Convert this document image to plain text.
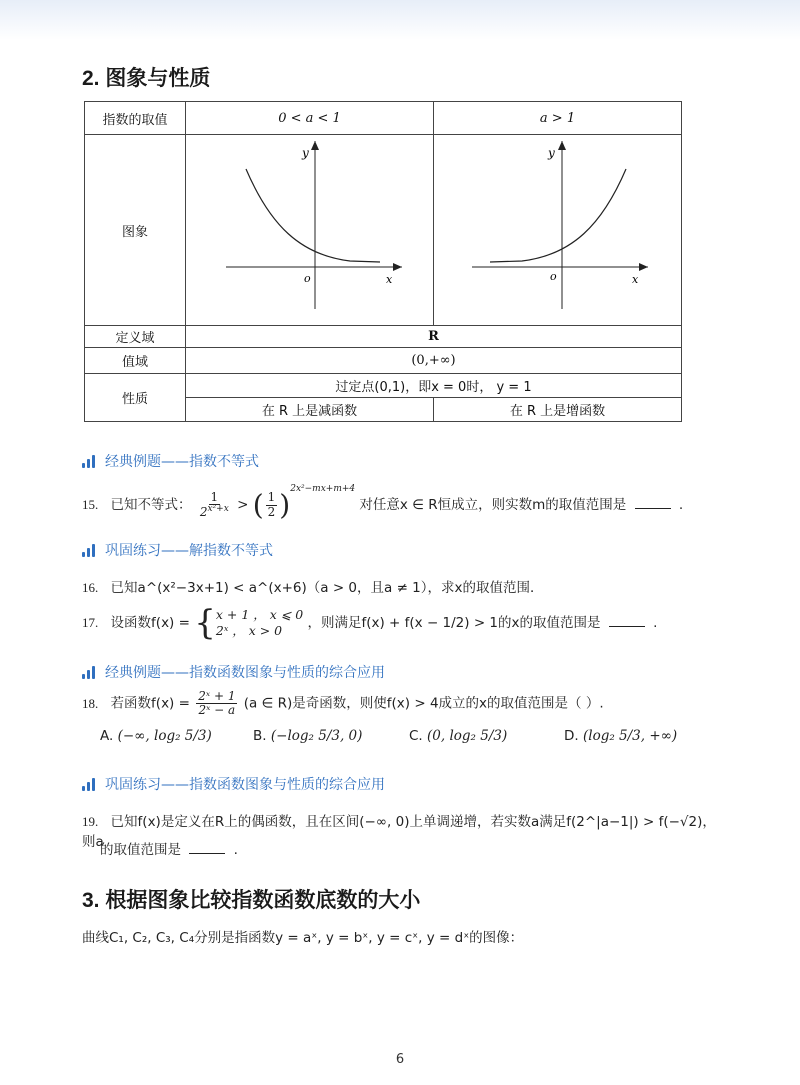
2. 图象与性质
指数的取值	0 < a < 1	a > 1
图象	y
o x	y
o x

定义域	R	
值域	(0,+∞)	
性质	过定点(0,1)，即x = 0时， y = 1	
	在 R 上是减函数	在 R 上是增函数
经典例题——指数不等式
15. 已知不等式： $\frac{1}{2^{x^2+x}}$ > ( $\frac{1}{2} )^{2x^2-mx+m+4}$ 对任意x ∈ R恒成立，则实数m的取值范围是	.
巩固练习——解指数不等式
16. 已知a^(x²−3x+1) < a^(x+6)（a > 0，且a ≠ 1），求x的取值范围．
17. 设函数f(x) = { x + 1 ， x ⩽ 0
2ˣ ， x > 0	，则满足f(x) + f(x − 1/2) > 1的x的取值范围是	.
经典例题——指数函数图象与性质的综合应用
18. 若函数$f(x) = \frac{\text{2ˣ + 1}}{\text{2ˣ − a}} (a$ ∈ R)是奇函数，则使f(x) > 4成立的x的取值范围是（ ）.
A. (−∞, log₂ 5/3)	B. (−log₂ 5/3, 0)	C. (0, log₂ 5/3)	D. (log₂ 5/3, +∞)
巩固练习——指数函数图象与性质的综合应用
19. 已知f(x)是定义在R上的偶函数，且在区间(−∞, 0)上单调递增，若实数a满足f(2^|a−1|) > f(−√2)，则a
的取值范围是	.
3. 根据图象比较指数函数底数的大小
曲线C₁, C₂, C₃, C₄分别是指函数y = aˣ, y = bˣ, y = cˣ, y = dˣ的图像：
6
